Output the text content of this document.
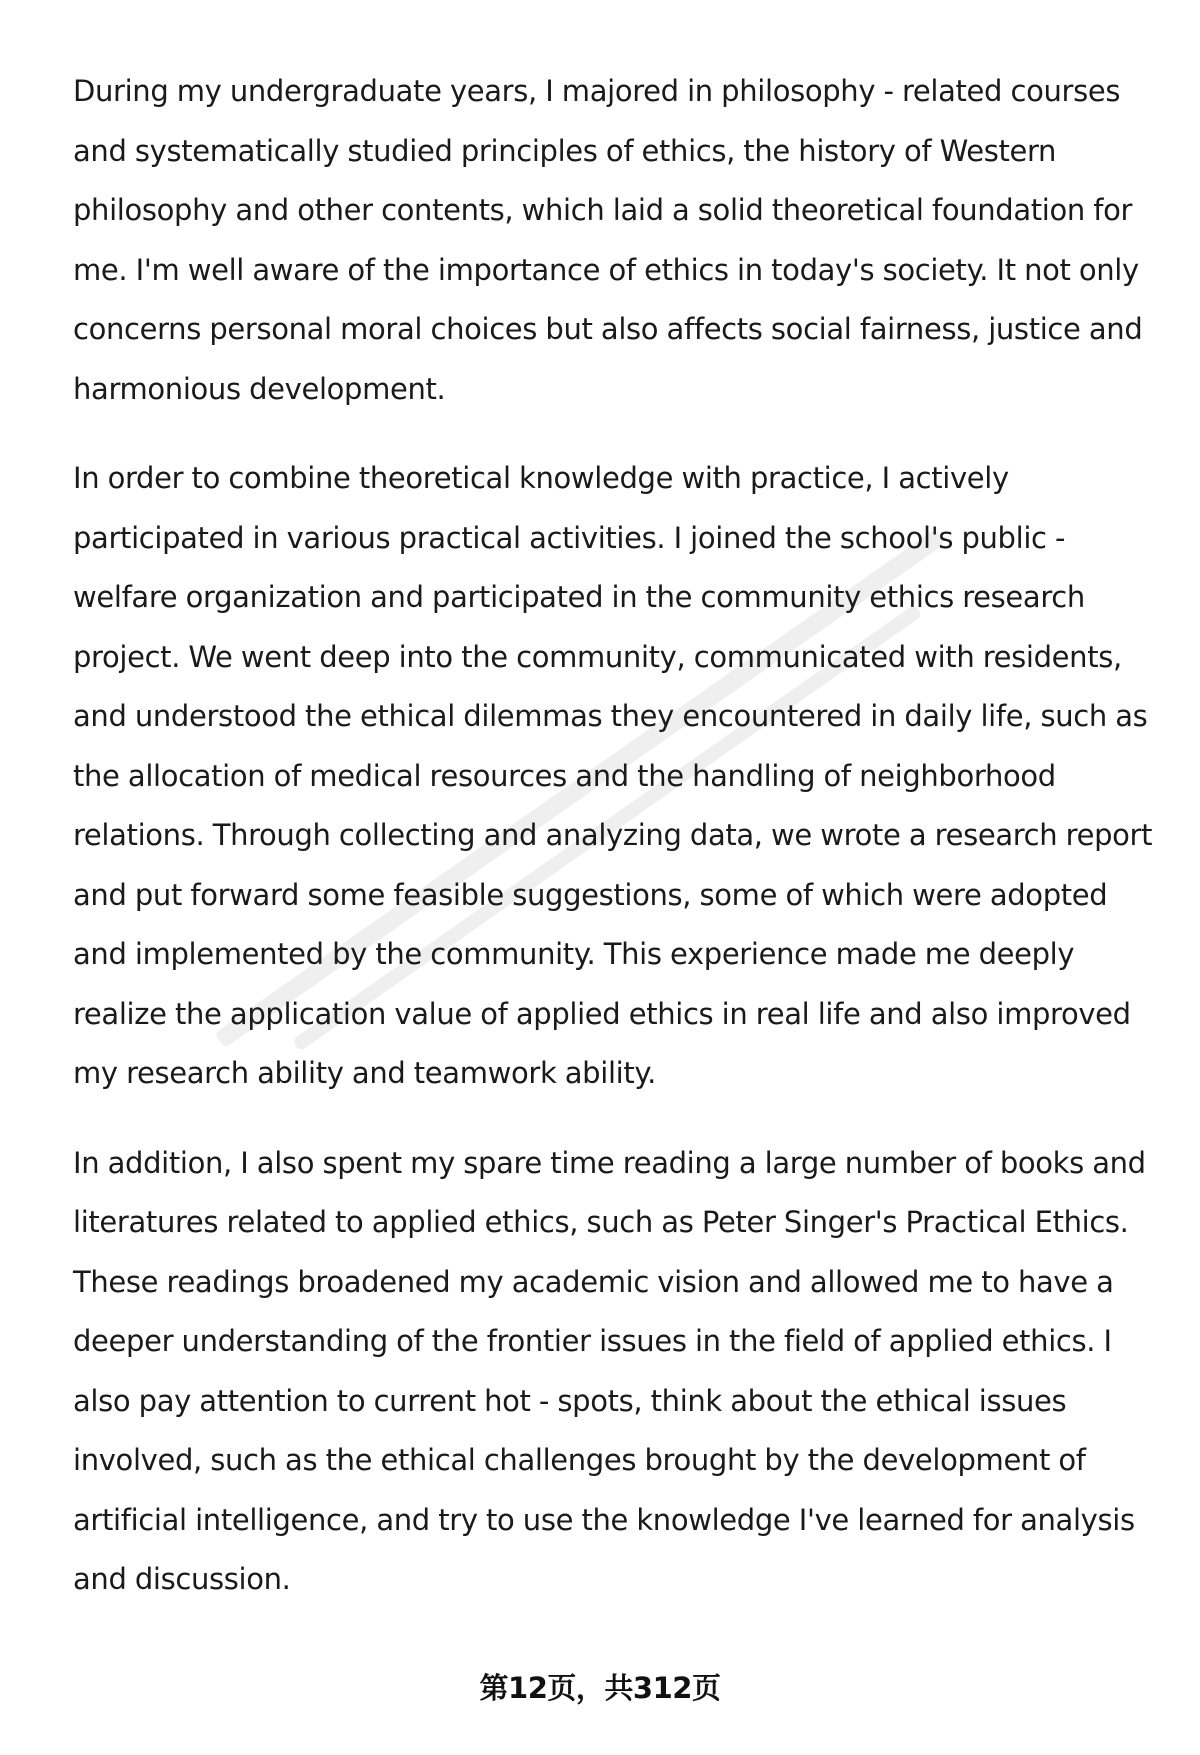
During my undergraduate years, I majored in philosophy - related courses and systematically studied principles of ethics, the history of Western philosophy and other contents, which laid a solid theoretical foundation for me. I'm well aware of the importance of ethics in today's society. It not only concerns personal moral choices but also affects social fairness, justice and harmonious development.

In order to combine theoretical knowledge with practice, I actively participated in various practical activities. I joined the school's public - welfare organization and participated in the community ethics research project. We went deep into the community, communicated with residents, and understood the ethical dilemmas they encountered in daily life, such as the allocation of medical resources and the handling of neighborhood relations. Through collecting and analyzing data, we wrote a research report and put forward some feasible suggestions, some of which were adopted and implemented by the community. This experience made me deeply realize the application value of applied ethics in real life and also improved my research ability and teamwork ability.

In addition, I also spent my spare time reading a large number of books and literatures related to applied ethics, such as Peter Singer's Practical Ethics. These readings broadened my academic vision and allowed me to have a deeper understanding of the frontier issues in the field of applied ethics. I also pay attention to current hot - spots, think about the ethical issues involved, such as the ethical challenges brought by the development of artificial intelligence, and try to use the knowledge I've learned for analysis and discussion.

第12页，共312页
